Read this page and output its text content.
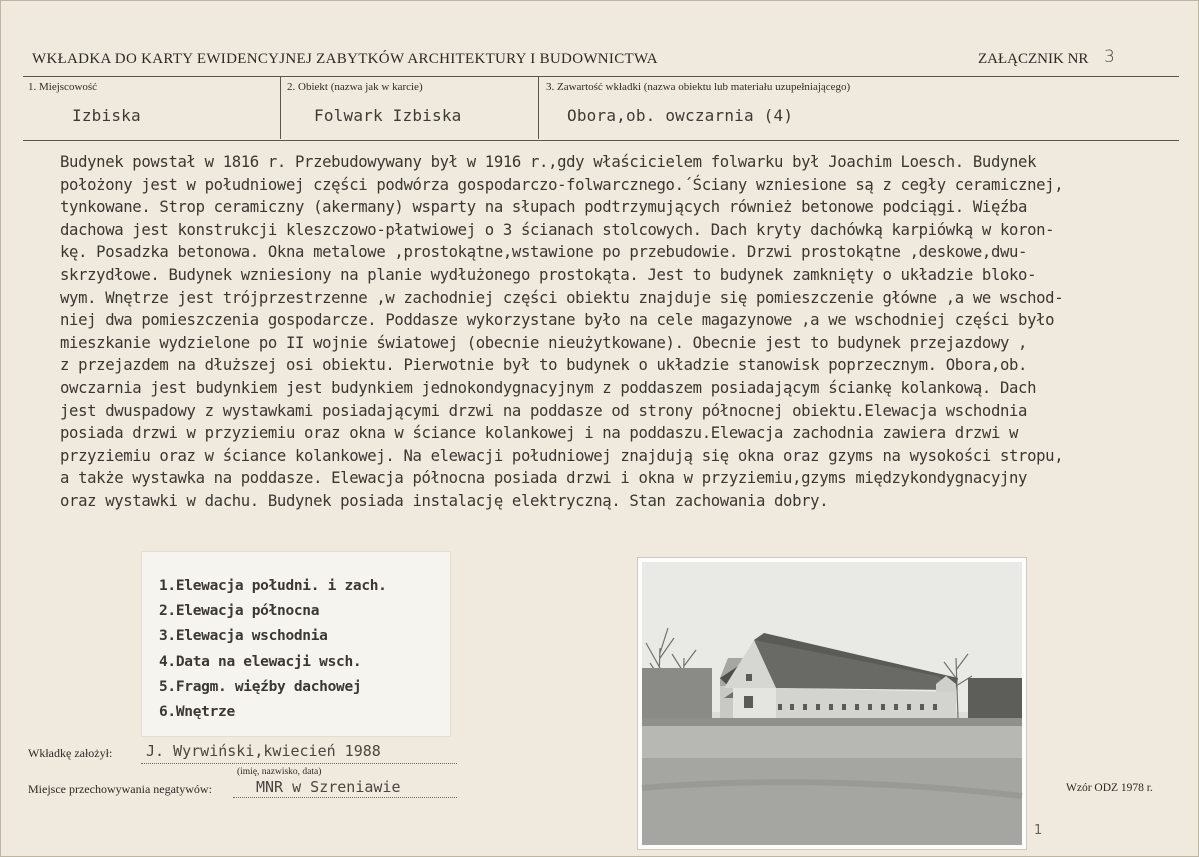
WKŁADKA DO KARTY EWIDENCYJNEJ ZABYTKÓW ARCHITEKTURY I BUDOWNICTWA	ZAŁĄCZNIK NR 3
1. Miejscowość
Izbiska
2. Obiekt (nazwa jak w karcie)
Folwark Izbiska
3. Zawartość wkładki (nazwa obiektu lub materiału uzupełniającego)
Obora,ob. owczarnia (4)
Budynek powstał w 1816 r. Przebudowywany był w 1916 r.,gdy właścicielem folwarku był Joachim Loesch. Budynek
położony jest w południowej części podwórza gospodarczo-folwarcznego.´Ściany wzniesione są z cegły ceramicznej,
tynkowane. Strop ceramiczny (akermany) wsparty na słupach podtrzymujących również betonowe podciągi. Więźba
dachowa jest konstrukcji kleszczowo-płatwiowej o 3 ścianach stolcowych. Dach kryty dachówką karpiówką w koron-
kę. Posadzka betonowa. Okna metalowe ,prostokątne,wstawione po przebudowie. Drzwi prostokątne ,deskowe,dwu-
skrzydłowe. Budynek wzniesiony na planie wydłużonego prostokąta. Jest to budynek zamknięty o układzie bloko-
wym. Wnętrze jest trójprzestrzenne ,w zachodniej części obiektu znajduje się pomieszczenie główne ,a we wschod-
niej dwa pomieszczenia gospodarcze. Poddasze wykorzystane było na cele magazynowe ,a we wschodniej części było
mieszkanie wydzielone po II wojnie światowej (obecnie nieużytkowane). Obecnie jest to budynek przejazdowy ,
z przejazdem na dłuższej osi obiektu. Pierwotnie był to budynek o układzie stanowisk poprzecznym. Obora,ob.
owczarnia jest budynkiem jest budynkiem jednokondygnacyjnym z poddaszem posiadającym ściankę kolankową. Dach
jest dwuspadowy z wystawkami posiadającymi drzwi na poddasze od strony północnej obiektu.Elewacja wschodnia
posiada drzwi w przyziemiu oraz okna w ściance kolankowej i na poddaszu.Elewacja zachodnia zawiera drzwi w
przyziemiu oraz w ściance kolankowej. Na elewacji południowej znajdują się okna oraz gzyms na wysokości stropu,
a także wystawka na poddasze. Elewacja północna posiada drzwi i okna w przyziemiu,gzyms międzykondygnacyjny
oraz wystawki w dachu. Budynek posiada instalację elektryczną. Stan zachowania dobry.
1.Elewacja południ. i zach.
2.Elewacja północna
3.Elewacja wschodnia
4.Data na elewacji wsch.
5.Fragm. więźby dachowej
6.Wnętrze
Wkładkę założył: J. Wyrwiński,kwiecień 1988
(imię, nazwisko, data)
Miejsce przechowywania negatywów:	MNR w Szreniawie	Wzór ODZ 1978 r.
1
